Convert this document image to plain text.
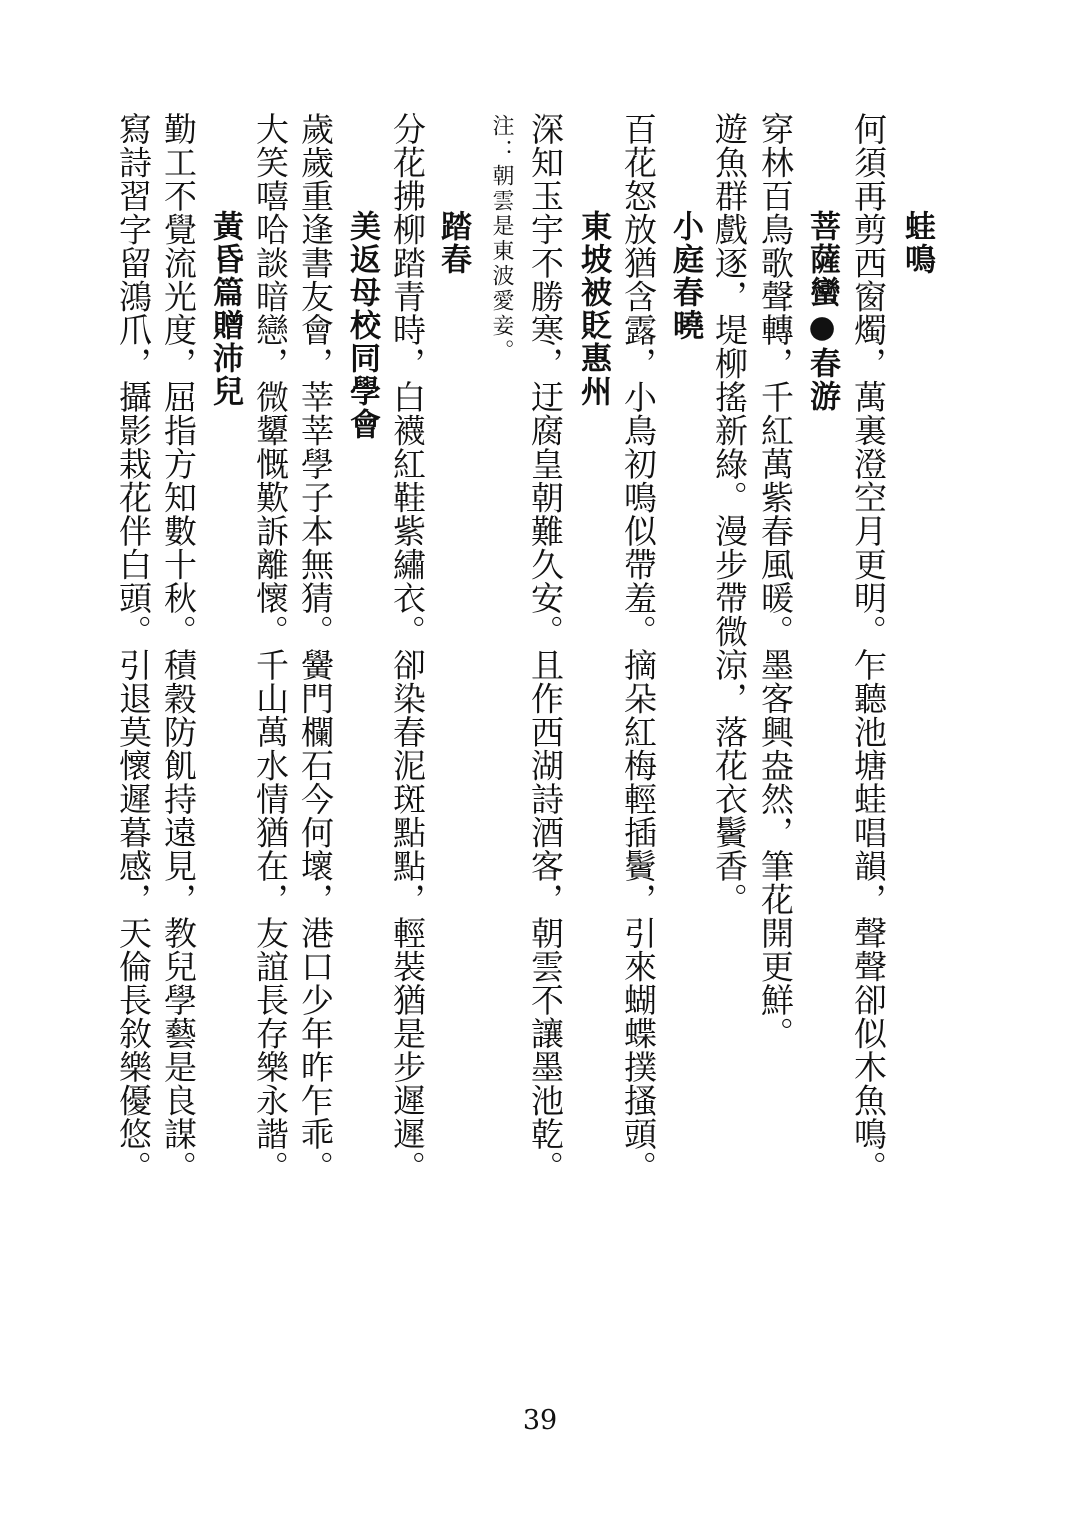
蛙鳴
何須再剪西窗燭，萬裏澄空月更明。乍聽池塘蛙唱韻，聲聲卻似木魚鳴。
菩薩蠻●春游
穿林百鳥歌聲轉，千紅萬紫春風暖。墨客興盎然，筆花開更鮮。
遊魚群戲逐，堤柳搖新綠。漫步帶微涼，落花衣鬢香。
小庭春曉
百花怒放猶含露，小鳥初鳴似帶羞。摘朵紅梅輕插鬢，引來蝴蝶撲搔頭。
東坡被貶惠州
深知玉宇不勝寒，迂腐皇朝難久安。且作西湖詩酒客，朝雲不讓墨池乾。
注：朝雲是東波愛妾。
踏春
分花拂柳踏青時，白襪紅鞋紫繡衣。卻染春泥斑點點，輕裝猶是步遲遲。
美返母校同學會
歲歲重逢書友會，莘莘學子本無猜。黌門欄石今何壞，港口少年昨乍乖。
大笑嘻哈談暗戀，微顰慨歎訴離懷。千山萬水情猶在，友誼長存樂永諧。
黃昏篇贈沛兒
勤工不覺流光度，屈指方知數十秋。積穀防飢持遠見，教兒學藝是良謀。
寫詩習字留鴻爪，攝影栽花伴白頭。引退莫懷遲暮感，天倫長敘樂優悠。
39
